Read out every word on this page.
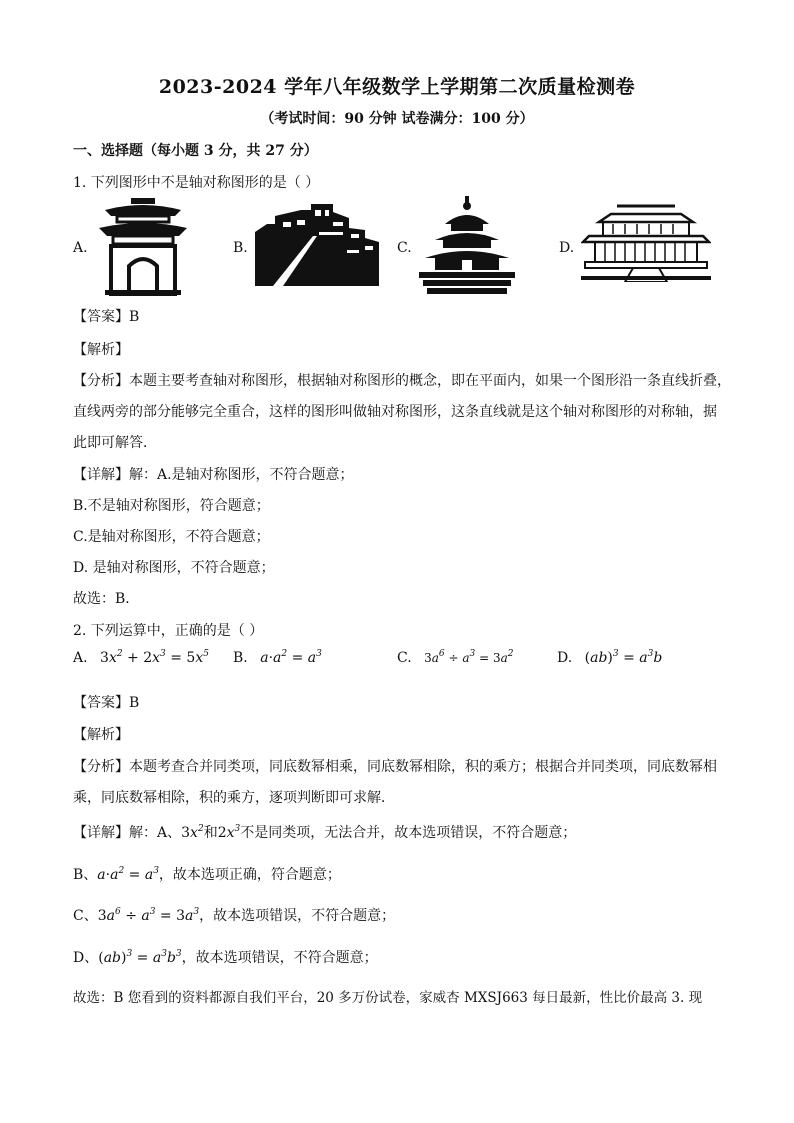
2023-2024 学年八年级数学上学期第二次质量检测卷
（考试时间：90 分钟 试卷满分：100 分）
一、选择题（每小题 3 分，共 27 分）
1. 下列图形中不是轴对称图形的是（ ）
A.	B.	C.	D.
【答案】B
【解析】
【分析】本题主要考查轴对称图形，根据轴对称图形的概念，即在平面内，如果一个图形沿一条直线折叠，
直线两旁的部分能够完全重合，这样的图形叫做轴对称图形，这条直线就是这个轴对称图形的对称轴，据
此即可解答．
【详解】解：A.是轴对称图形，不符合题意；
B.不是轴对称图形，符合题意；
C.是轴对称图形，不符合题意；
D. 是轴对称图形，不符合题意；
故选：B．
2. 下列运算中，正确的是（ ）
A. $3x^2 + 2x^3 = 5x^5$ B. $a\cdot a^2 = a^3$	C. $3a^6 \div a^3 = 3a^2$	D. $(ab)^3 = a^3b$
【答案】B
【解析】
【分析】本题考查合并同类项，同底数幂相乘，同底数幂相除，积的乘方；根据合并同类项，同底数幂相
乘，同底数幂相除，积的乘方，逐项判断即可求解．
【详解】解：A、$3x^2$和$2x^3$不是同类项，无法合并，故本选项错误，不符合题意；
B、$a\cdot a^2 = a^3$，故本选项正确，符合题意；
C、$3a^6 \div a^3 = 3a^3$，故本选项错误，不符合题意；
D、$(ab)^3 = a^3b^3$，故本选项错误，不符合题意；
故选：B 您看到的资料都源自我们平台，20 多万份试卷，家威杏 MXSJ663 每日最新，性比价最高 3. 现
